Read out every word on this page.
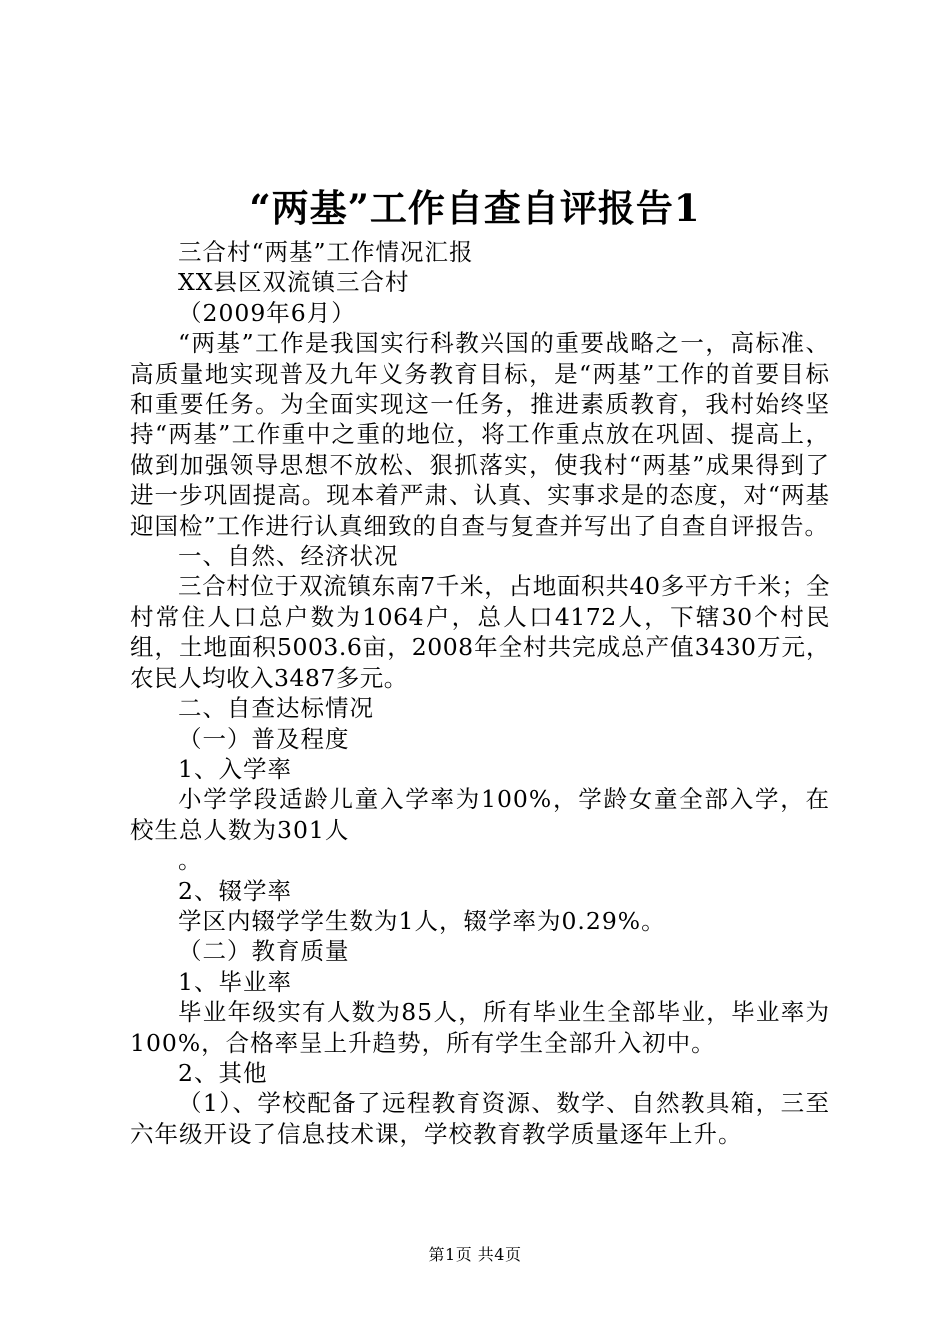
“两基”工作自查自评报告1

三合村“两基”工作情况汇报

XX县区双流镇三合村

（2009年6月）

“两基”工作是我国实行科教兴国的重要战略之一，高标准、高质量地实现普及九年义务教育目标，是“两基”工作的首要目标和重要任务。为全面实现这一任务，推进素质教育，我村始终坚持“两基”工作重中之重的地位，将工作重点放在巩固、提高上，做到加强领导思想不放松、狠抓落实，使我村“两基”成果得到了进一步巩固提高。现本着严肃、认真、实事求是的态度，对“两基迎国检”工作进行认真细致的自查与复查并写出了自查自评报告。

一、自然、经济状况

三合村位于双流镇东南7千米，占地面积共40多平方千米；全村常住人口总户数为1064户，总人口4172人，下辖30个村民组，土地面积5003.6亩，2008年全村共完成总产值3430万元，农民人均收入3487多元。

二、自查达标情况

（一）普及程度

1、入学率

小学学段适龄儿童入学率为100%，学龄女童全部入学，在校生总人数为301人

。

2、辍学率

学区内辍学学生数为1人，辍学率为0.29%。

（二）教育质量

1、毕业率

毕业年级实有人数为85人，所有毕业生全部毕业，毕业率为100%，合格率呈上升趋势，所有学生全部升入初中。

2、其他

（1）、学校配备了远程教育资源、数学、自然教具箱，三至六年级开设了信息技术课，学校教育教学质量逐年上升。

第1页 共4页
